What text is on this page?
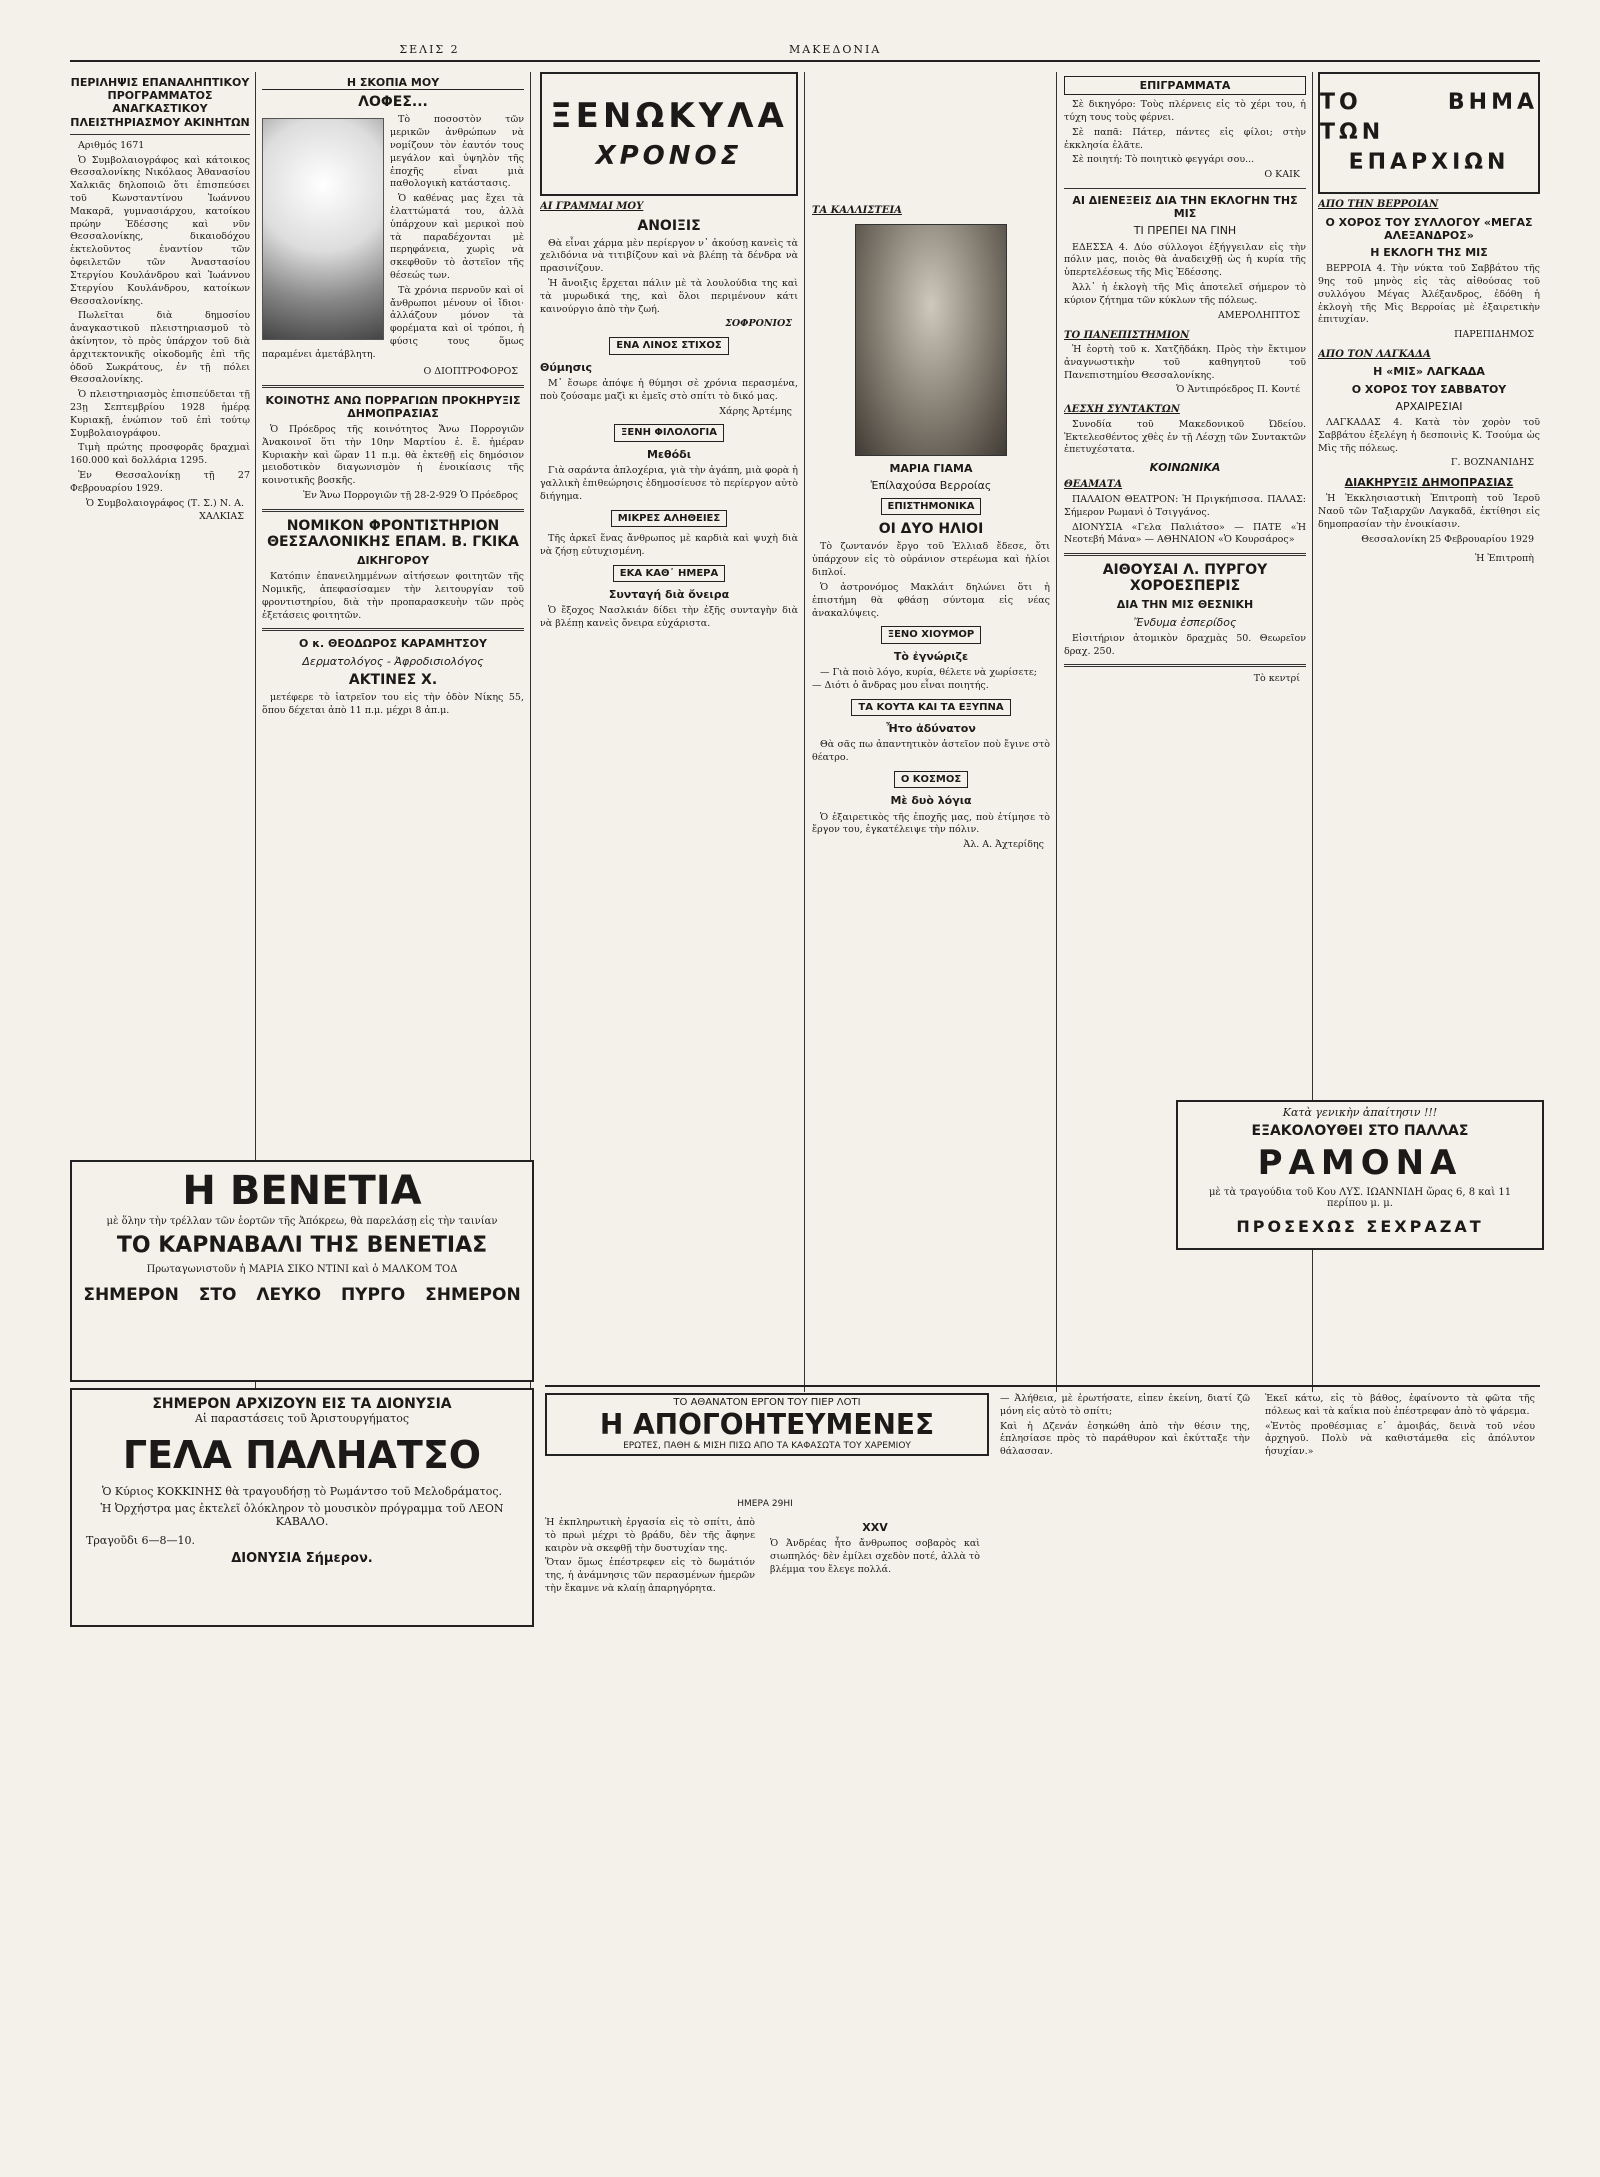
ΣΕΛΙΣ 2	ΜΑΚΕΔΟΝΙΑ
ΠΕΡΙΛΗΨΙΣ ΕΠΑΝΑΛΗΠΤΙΚΟΥ ΠΡΟΓΡΑΜΜΑΤΟΣ ΑΝΑΓΚΑΣΤΙΚΟΥ ΠΛΕΙΣΤΗΡΙΑΣΜΟΥ ΑΚΙΝΗΤΩΝ

Αριθμός 1671

Ὁ Συμβολαιογράφος καὶ κάτοικος Θεσσαλονίκης Νικόλαος Ἀθανασίου Χαλκιᾶς δηλοποιῶ ὅτι ἐπισπεύσει τοῦ Κωνσταντίνου Ἰωάννου Μακαρᾶ, γυμνασιάρχου, κατοίκου πρώην Ἐδέσσης καὶ νῦν Θεσσαλονίκης, δικαιοδόχου ἐκτελοῦντος ἐναντίον τῶν ὀφειλετῶν τῶν Ἀναστασίου Στεργίου Κουλάνδρου καὶ Ἰωάννου Στεργίου Κουλάνδρου, κατοίκων Θεσσαλονίκης.

Πωλεῖται διὰ δημοσίου ἀναγκαστικοῦ πλειστηριασμοῦ τὸ ἀκίνητον, τὸ πρὸς ὑπάρχον τοῦ διὰ ἀρχιτεκτονικῆς οἰκοδομῆς ἐπὶ τῆς ὁδοῦ Σωκράτους, ἐν τῇ πόλει Θεσσαλονίκης.

Ὁ πλειστηριασμὸς ἐπισπεύδεται τῇ 23ῃ Σεπτεμβρίου 1928 ἡμέρᾳ Κυριακῇ, ἐνώπιον τοῦ ἐπὶ τούτῳ Συμβολαιογράφου.

Τιμὴ πρώτης προσφορᾶς δραχμαὶ 160.000 καὶ δολλάρια 1295.

Ἐν Θεσσαλονίκῃ τῇ 27 Φεβρουαρίου 1929.

Ὁ Συμβολαιογράφος (Τ. Σ.) Ν. Α. ΧΑΛΚΙΑΣ
Η ΣΚΟΠΙΑ ΜΟΥ
ΛΟΦΕΣ...

Τὸ ποσοστὸν τῶν μερικῶν ἀνθρώπων νὰ νομίζουν τὸν ἑαυτόν τους μεγάλον καὶ ὑψηλὸν τῆς ἐποχῆς εἶναι μιὰ παθολογικὴ κατάστασις.

Ὁ καθένας μας ἔχει τὰ ἐλαττώματά του, ἀλλὰ ὑπάρχουν καὶ μερικοὶ ποὺ τὰ παραδέχονται μὲ περηφάνεια, χωρὶς νὰ σκεφθοῦν τὸ ἀστεῖον τῆς θέσεώς των.

Τὰ χρόνια περνοῦν καὶ οἱ ἄνθρωποι μένουν οἱ ἴδιοι· ἀλλάζουν μόνον τὰ φορέματα καὶ οἱ τρόποι, ἡ φύσις τους ὅμως παραμένει ἀμετάβλητη.

Ο ΔΙΟΠΤΡΟΦΟΡΟΣ
ΚΟΙΝΟΤΗΣ ΑΝΩ ΠΟΡΡΑΓΙΩΝ ΠΡΟΚΗΡΥΞΙΣ ΔΗΜΟΠΡΑΣΙΑΣ

Ὁ Πρόεδρος τῆς κοινότητος Ἄνω Πορρογιῶν Ἀνακοινοῖ ὅτι τὴν 10ην Μαρτίου ἐ. ἔ. ἡμέραν Κυριακὴν καὶ ὥραν 11 π.μ. θὰ ἐκτεθῇ εἰς δημόσιον μειοδοτικὸν διαγωνισμὸν ἡ ἐνοικίασις τῆς κοινοτικῆς βοσκῆς.

Ἐν Ἄνω Πορρογιῶν τῇ 28-2-929 Ὁ Πρόεδρος
ΝΟΜΙΚΟΝ ΦΡΟΝΤΙΣΤΗΡΙΟΝ ΘΕΣΣΑΛΟΝΙΚΗΣ ΕΠΑΜ. Β. ΓΚΙΚΑ
ΔΙΚΗΓΟΡΟΥ

Κατόπιν ἐπανειλημμένων αἰτήσεων φοιτητῶν τῆς Νομικῆς, ἀπεφασίσαμεν τὴν λειτουργίαν τοῦ φροντιστηρίου, διὰ τὴν προπαρασκευὴν τῶν πρὸς ἐξετάσεις φοιτητῶν.

Ο κ. ΘΕΟΔΩΡΟΣ ΚΑΡΑΜΗΤΣΟΥ
Δερματολόγος - Ἀφροδισιολόγος
ΑΚΤΙΝΕΣ Χ.

μετέφερε τὸ ἰατρεῖον του εἰς τὴν ὁδὸν Νίκης 55, ὅπου δέχεται ἀπὸ 11 π.μ. μέχρι 8 ἀπ.μ.

ΞΕΝΩΚΥΛΑ
ΧΡΟΝΟΣ
ΑΙ ΓΡΑΜΜΑΙ ΜΟΥ
ΑΝΟΙΞΙΣ

Θὰ εἶναι χάρμα μὲν περίεργον ν᾽ ἀκούσῃ κανεὶς τὰ χελιδόνια νὰ τιτιβίζουν καὶ νὰ βλέπῃ τὰ δένδρα νὰ πρασινίζουν.

Ἡ ἄνοιξις ἔρχεται πάλιν μὲ τὰ λουλούδια της καὶ τὰ μυρωδικά της, καὶ ὅλοι περιμένουν κάτι καινούργιο ἀπὸ τὴν ζωή.

ΣΟΦΡΟΝΙΟΣ
ΕΝΑ ΛΙΝΟΣ ΣΤΙΧΟΣ
Θύμησις

Μ᾽ ἔσωρε ἀπόψε ἡ θύμησι σὲ χρόνια περασμένα, ποὺ ζούσαμε μαζὶ κι ἐμεῖς στὸ σπίτι τὸ δικό μας.

Χάρης Ἀρτέμης
ΞΕΝΗ ΦΙΛΟΛΟΓΙΑ
Μεθόδι

Γιὰ σαράντα ἀπλοχέρια, γιὰ τὴν ἀγάπη, μιὰ φορὰ ἡ γαλλικὴ ἐπιθεώρησις ἐδημοσίευσε τὸ περίεργον αὐτὸ διήγημα.

ΜΙΚΡΕΣ ΑΛΗΘΕΙΕΣ

Τῆς ἀρκεῖ ἕνας ἄνθρωπος μὲ καρδιὰ καὶ ψυχὴ διὰ νὰ ζήσῃ εὐτυχισμένη.

ΕΚΑ ΚΑΘ᾽ ΗΜΕΡΑ
Συνταγή διὰ ὄνειρα

Ὁ ἔξοχος Νασλκιάν δίδει τὴν ἐξῆς συνταγὴν διὰ νὰ βλέπῃ κανεὶς ὄνειρα εὐχάριστα.

ΤΑ ΚΑΛΛΙΣΤΕΙΑ
ΜΑΡΙΑ ΓΙΑΜΑ
Ἐπίλαχούσα Βερροίας
ΕΠΙΣΤΗΜΟΝΙΚΑ
ΟΙ ΔΥΟ ΗΛΙΟΙ

Τὸ ζωντανόν ἔργο τοῦ Ἑλλιαδ ἔδεσε, ὅτι ὑπάρχουν εἰς τὸ οὐράνιον στερέωμα καὶ ἡλίοι διπλοί.

Ὁ ἀστρονόμος Μακλάιτ δηλώνει ὅτι ἡ ἐπιστήμη θὰ φθάσῃ σύντομα εἰς νέας ἀνακαλύψεις.

ΞΕΝΟ ΧΙΟΥΜΟΡ
Τὸ ἐγνώριζε

— Γιὰ ποιὸ λόγο, κυρία, θέλετε νὰ χωρίσετε;
— Διότι ὁ ἄνδρας μου εἶναι ποιητής.

ΤΑ ΚΟΥΤΑ ΚΑΙ ΤΑ ΕΞΥΠΝΑ
Ἦτο ἀδύνατον

Θὰ σᾶς πω ἀπαντητικὸν ἀστεῖον ποὺ ἔγινε στὸ θέατρο.

Ο ΚΟΣΜΟΣ
Μὲ δυὸ λόγια

Ὁ ἐξαιρετικὸς τῆς ἐποχῆς μας, ποὺ ἐτίμησε τὸ ἔργον του, ἐγκατέλειψε τὴν πόλιν.

Ἀλ. Α. Ἀχτερίδης
ΕΠΙΓΡΑΜΜΑΤΑ

Σὲ δικηγόρο: Τοὺς πλέρνεις εἰς τὸ χέρι του, ἡ τύχη τους τοὺς φέρνει.

Σὲ παπᾶ: Πάτερ, πάντες εἰς φίλοι; στὴν ἐκκλησία ἐλᾶτε.

Σὲ ποιητή: Τὸ ποιητικὸ φεγγάρι σου...

Ο ΚΑΙΚ
ΑΙ ΔΙΕΝΕΞΕΙΣ ΔΙΑ ΤΗΝ ΕΚΛΟΓΗΝ ΤΗΣ ΜΙΣ
ΤΙ ΠΡΕΠΕΙ ΝΑ ΓΙΝΗ

ΕΔΕΣΣΑ 4. Δύο σύλλογοι ἐξήγγειλαν εἰς τὴν πόλιν μας, ποιὸς θὰ ἀναδειχθῇ ὡς ἡ κυρία τῆς ὑπερτελέσεως τῆς Μὶς Ἐδέσσης.

Ἀλλ᾽ ἡ ἐκλογὴ τῆς Μὶς ἀποτελεῖ σήμερον τὸ κύριον ζήτημα τῶν κύκλων τῆς πόλεως.

ΑΜΕΡΟΛΗΠΤΟΣ
ΤΟ ΠΑΝΕΠΙΣΤΗΜΙΟΝ

Ἡ ἑορτὴ τοῦ κ. Χατζῆδάκη. Πρὸς τὴν ἔκτιμον ἀναγνωστικὴν τοῦ καθηγητοῦ τοῦ Πανεπιστημίου Θεσσαλονίκης.

Ὁ Ἀντιπρόεδρος Π. Κοντέ
ΛΕΣΧΗ ΣΥΝΤΑΚΤΩΝ

Συνοδία τοῦ Μακεδονικοῦ Ὠδείου. Ἐκτελεσθέντος χθὲς ἐν τῇ Λέσχῃ τῶν Συντακτῶν ἐπετυχέστατα.

ΚΟΙΝΩΝΙΚΑ
ΘΕΑΜΑΤΑ

ΠΑΛΑΙΟΝ ΘΕΑΤΡΟΝ: Ἡ Πριγκήπισσα. ΠΑΛΑΣ: Σήμερον Ρωμανὶ ὁ Τσιγγάνος.

ΔΙΟΝΥΣΙΑ «Γελα Παλιάτσο» — ΠΑΤΕ «Ἡ Νεοτεβή Μάνα» — ΑΘΗΝΑΙΟΝ «Ὁ Κουρσάρος»

ΑΙΘΟΥΣΑΙ Λ. ΠΥΡΓΟΥ ΧΟΡΟΕΣΠΕΡΙΣ
ΔΙΑ ΤΗΝ ΜΙΣ ΘΕΣΝΙΚΗ
Ἔνδυμα ἐσπερίδος

Εἰσιτήριον ἀτομικὸν δραχμὰς 50. Θεωρεῖον δραχ. 250.

Τὸ κεντρί
ΤΟ ΒΗΜΑ ΤΩΝ
ΕΠΑΡΧΙΩΝ
ΑΠΟ ΤΗΝ ΒΕΡΡΟΙΑΝ
Ο ΧΟΡΟΣ ΤΟΥ ΣΥΛΛΟΓΟΥ «ΜΕΓΑΣ ΑΛΕΞΑΝΔΡΟΣ»
Η ΕΚΛΟΓΗ ΤΗΣ ΜΙΣ

ΒΕΡΡΟΙΑ 4. Τὴν νύκτα τοῦ Σαββάτου τῆς 9ης τοῦ μηνὸς εἰς τὰς αἰθούσας τοῦ συλλόγου Μέγας Ἀλέξανδρος, ἐδόθη ἡ ἐκλογὴ τῆς Μὶς Βερροίας μὲ ἐξαιρετικὴν ἐπιτυχίαν.

ΠΑΡΕΠΙΔΗΜΟΣ
ΑΠΟ ΤΟΝ ΛΑΓΚΑΔΑ
Η «ΜΙΣ» ΛΑΓΚΑΔΑ
Ο ΧΟΡΟΣ ΤΟΥ ΣΑΒΒΑΤΟΥ
ΑΡΧΑΙΡΕΣΙΑΙ

ΛΑΓΚΑΔΑΣ 4. Κατὰ τὸν χορὸν τοῦ Σαββάτου ἐξελέγη ἡ δεσποινὶς Κ. Τσούμα ὡς Μὶς τῆς πόλεως.

Γ. ΒΟΖΝΑΝΙΔΗΣ
ΔΙΑΚΗΡΥΞΙΣ ΔΗΜΟΠΡΑΣΙΑΣ

Ἡ Ἐκκλησιαστικὴ Ἐπιτροπὴ τοῦ Ἱεροῦ Ναοῦ τῶν Ταξιαρχῶν Λαγκαδᾶ, ἐκτίθησι εἰς δημοπρασίαν τὴν ἐνοικίασιν.

Θεσσαλονίκη 25 Φεβρουαρίου 1929
Ἡ Ἐπιτροπὴ
Η ΒΕΝΕΤΙΑ
μὲ ὅλην τὴν τρέλλαν τῶν ἑορτῶν τῆς Ἀπόκρεω, θὰ παρελάσῃ εἰς τὴν ταινίαν
ΤΟ ΚΑΡΝΑΒΑΛΙ ΤΗΣ ΒΕΝΕΤΙΑΣ
Πρωταγωνιστοῦν ἡ ΜΑΡΙΑ ΣΙΚΟ ΝΤΙΝΙ καὶ ὁ ΜΑΛΚΟΜ ΤΟΔ
ΣΗΜΕΡΟΝ ΣΤΟ ΛΕΥΚΟ ΠΥΡΓΟ ΣΗΜΕΡΟΝ
ΣΗΜΕΡΟΝ ΑΡΧΙΖΟΥΝ ΕΙΣ ΤΑ ΔΙΟΝΥΣΙΑ
Αἱ παραστάσεις τοῦ Ἀριστουργήματος
ΓΕΛΑ ΠΑΛΗΑΤΣΟ
Ὁ Κύριος ΚΟΚΚΙΝΗΣ θὰ τραγουδήσῃ τὸ Ρωμάντσο τοῦ Μελοδράματος.
Ἡ Ὀρχήστρα μας ἐκτελεῖ ὁλόκληρον τὸ μουσικὸν πρόγραμμα τοῦ ΛΕΟΝ ΚΑΒΑΛΟ.
Τραγοῦδι 6—8—10.
ΔΙΟΝΥΣΙΑ Σήμερον.
Κατὰ γενικὴν ἀπαίτησιν !!!
ΕΞΑΚΟΛΟΥΘΕΙ ΣΤΟ ΠΑΛΛΑΣ
ΡΑΜΟΝΑ
μὲ τὰ τραγούδια τοῦ Κου ΛΥΣ. ΙΩΑΝΝΙΔΗ ὥρας 6, 8 καὶ 11 περίπου μ. μ.
ΠΡΟΣΕΧΩΣ ΣΕΧΡΑΖΑΤ
ΤΟ ΑΘΑΝΑΤΟΝ ΕΡΓΟΝ ΤΟΥ ΠΙΕΡ ΛΟΤΙ
Η ΑΠΟΓΟΗΤΕΥΜΕΝΕΣ
ΕΡΩΤΕΣ, ΠΑΘΗ & ΜΙΣΗ ΠΙΣΩ ΑΠΟ ΤΑ ΚΑΦΑΣΩΤΑ ΤΟΥ ΧΑΡΕΜΙΟΥ
ΗΜΕΡΑ 29ΗΙ

Ἡ ἐκπληρωτικὴ ἐργασία εἰς τὸ σπίτι, ἀπὸ τὸ πρωὶ μέχρι τὸ βράδυ, δὲν τῆς ἄφηνε καιρὸν νὰ σκεφθῇ τὴν δυστυχίαν της.

Ὅταν ὅμως ἐπέστρεφεν εἰς τὸ δωμάτιόν της, ἡ ἀνάμνησις τῶν περασμένων ἡμερῶν τὴν ἔκαμνε νὰ κλαίῃ ἀπαρηγόρητα.

XXV

Ὁ Ἀνδρέας ἦτο ἄνθρωπος σοβαρὸς καὶ σιωπηλός· δὲν ἐμίλει σχεδὸν ποτέ, ἀλλὰ τὸ βλέμμα του ἔλεγε πολλά.

— Ἀλήθεια, μὲ ἐρωτήσατε, εἶπεν ἐκείνη, διατί ζῶ μόνη εἰς αὐτὸ τὸ σπίτι;

Καὶ ἡ Δζενάν ἐσηκώθη ἀπὸ τὴν θέσιν της, ἐπλησίασε πρὸς τὸ παράθυρον καὶ ἐκύτταξε τὴν θάλασσαν.

Ἐκεῖ κάτω, εἰς τὸ βάθος, ἐφαίνοντο τὰ φῶτα τῆς πόλεως καὶ τὰ καΐκια ποὺ ἐπέστρεφαν ἀπὸ τὸ ψάρεμα.

«Ἐντὸς προθέσμιας ε᾽ ἀμοιβάς, δεινὰ τοῦ νέου ἀρχηγοῦ. Πολὺ νὰ καθιστάμεθα εἰς ἀπόλυτον ἡσυχίαν.»
